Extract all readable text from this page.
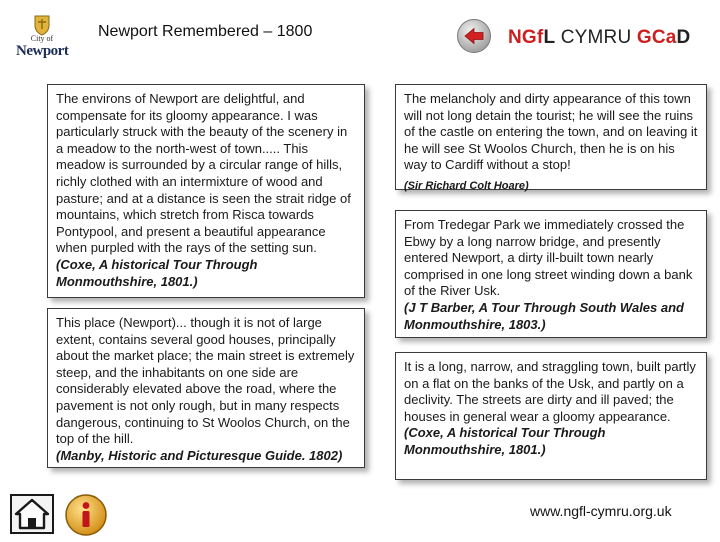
City of
Newport
Newport Remembered – 1800	NGfL CYMRU GCaD
The environs of Newport are delightful, and compensate for its gloomy appearance. I was particularly struck with the beauty of the scenery in a meadow to the north-west of town..... This meadow is surrounded by a circular range of hills, richly clothed with an intermixture of wood and pasture; and at a distance is seen the strait ridge of mountains, which stretch from Risca towards Pontypool, and present a beautiful appearance when purpled with the rays of the setting sun.
(Coxe, A historical Tour Through Monmouthshire, 1801.)
This place (Newport)... though it is not of large extent, contains several good houses, principally about the market place; the main street is extremely steep, and the inhabitants on one side are considerably elevated above the road, where the pavement is not only rough, but in many respects dangerous, continuing to St Woolos Church, on the top of the hill.
(Manby, Historic and Picturesque Guide. 1802)
The melancholy and dirty appearance of this town will not long detain the tourist; he will see the ruins of the castle on entering the town, and on leaving it he will see St Woolos Church, then he is on his way to Cardiff without a stop!
(Sir Richard Colt Hoare)
From Tredegar Park we immediately crossed the Ebwy by a long narrow bridge, and presently entered Newport, a dirty ill-built town nearly comprised in one long street winding down a bank of the River Usk.
(J T Barber, A Tour Through South Wales and Monmouthshire, 1803.)
It is a long, narrow, and straggling town, built partly on a flat on the banks of the Usk, and partly on a declivity. The streets are dirty and ill paved; the houses in general wear a gloomy appearance.
(Coxe, A historical Tour Through Monmouthshire, 1801.)
www.ngfl-cymru.org.uk
